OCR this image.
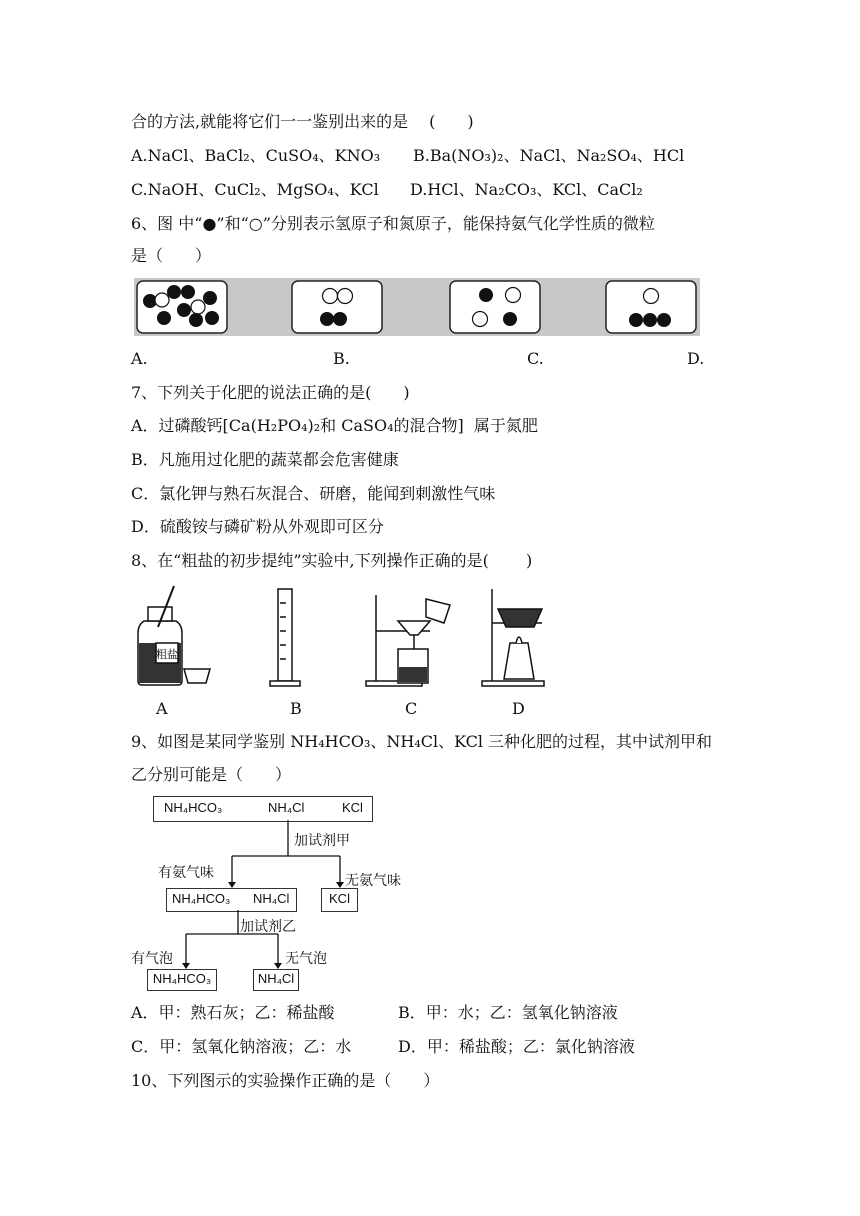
合的方法,就能将它们一一鉴别出来的是　 (　　)
A.NaCl、BaCl₂、CuSO₄、KNO₃ B.Ba(NO₃)₂、NaCl、Na₂SO₄、HCl
C.NaOH、CuCl₂、MgSO₄、KCl D.HCl、Na₂CO₃、KCl、CaCl₂
6、图 中“●”和“○”分别表示氢原子和氮原子，能保持氨气化学性质的微粒
是（　　）
A.	B.	C.	D.
7、下列关于化肥的说法正确的是(　　)
A．过磷酸钙[Ca(H₂PO₄)₂和 CaSO₄的混合物]  属于氮肥
B．凡施用过化肥的蔬菜都会危害健康
C．氯化钾与熟石灰混合、研磨，能闻到刺激性气味
D．硫酸铵与磷矿粉从外观即可区分
8、在“粗盐的初步提纯”实验中,下列操作正确的是(　　 )
粗盐
A	B	C	D
9、如图是某同学鉴别 NH₄HCO₃、NH₄Cl、KCl 三种化肥的过程，其中试剂甲和
乙分别可能是（　　）
NH₄HCO₃	NH₄Cl	KCl
NH₄HCO₃ NH₄Cl	KCl
NH₄HCO₃	NH₄Cl
加试剂甲
有氨气味	无氨气味
加试剂乙
有气泡	无气泡
A．甲：熟石灰；乙：稀盐酸	B．甲：水；乙：氢氧化钠溶液
C．甲：氢氧化钠溶液；乙：水	D．甲：稀盐酸；乙：氯化钠溶液
10、下列图示的实验操作正确的是（　　）
